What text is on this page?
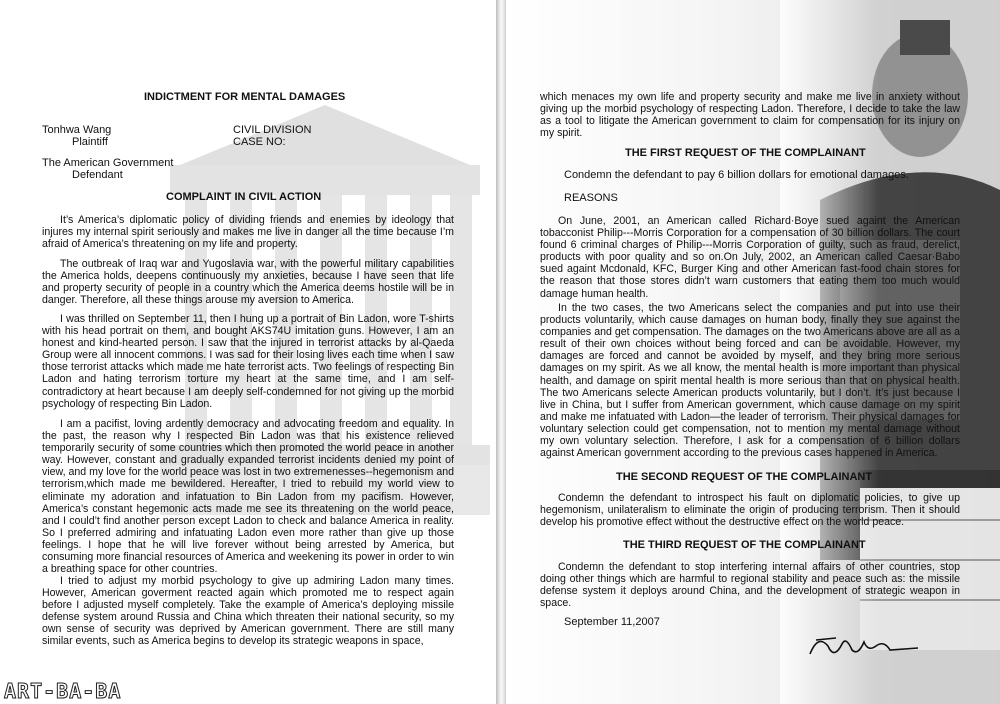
INDICTMENT FOR MENTAL DAMAGES
Tonhwa Wang	CIVIL DIVISION
Plaintiff	CASE NO:
The American Government
Defendant
COMPLAINT IN CIVIL ACTION
It’s America’s diplomatic policy of dividing friends and enemies by ideology that injures my internal spirit seriously and makes me live in danger all the time because I’m afraid of America’s threatening on my life and property.
The outbreak of Iraq war and Yugoslavia war, with the powerful military capabilities the America holds, deepens continuously my anxieties, because I have seen that life and property security of people in a country which the America deems hostile will be in danger. Therefore, all these things arouse my aversion to America.
I was thrilled on September 11, then I hung up a portrait of Bin Ladon, wore T-shirts with his head portrait on them, and bought AKS74U imitation guns. However, I am an honest and kind-hearted person. I saw that the injured in terrorist attacks by al-Qaeda Group were all innocent commons. I was sad for their losing lives each time when I saw those terrorist attacks which made me hate terrorist acts. Two feelings of respecting Bin Ladon and hating terrorism torture my heart at the same time, and I am self-contradictory at heart because I am deeply self-condemned for not giving up the morbid psychology of respecting Bin Ladon.
I am a pacifist, loving ardently democracy and advocating freedom and equality. In the past, the reason why I respected Bin Ladon was that his existence relieved temporarily security of some countries which then promoted the world peace in another way. However, constant and gradually expanded terrorist incidents denied my point of view, and my love for the world peace was lost in two extremenesses--hegemonism and terrorism,which made me bewildered. Hereafter, I tried to rebuild my world view to eliminate my adoration and infatuation to Bin Ladon from my pacifism. However, America’s constant hegemonic acts made me see its threatening on the world peace, and I could’t find another person except Ladon to check and balance America in reality. So I preferred admiring and infatuating Ladon even more rather than give up those feelings. I hope that he will live forever without being arrested by America, but consuming more financial resources of America and weekening its power in order to win a breathing space for other countries.
I tried to adjust my morbid psychology to give up admiring Ladon many times. However, American goverment reacted again which promoted me to respect again before I adjusted myself completely. Take the example of America’s deploying missile defense system around Russia and China which threaten their national security, so my own sense of security was deprived by American government. There are still many similar events, such as America begins to develop its strategic weapons in space,
which menaces my own life and property security and make me live in anxiety without giving up the morbid psychology of respecting Ladon. Therefore, I decide to take the law as a tool to litigate the American government to claim for compensation for its injury on my spirit.
THE FIRST REQUEST OF THE COMPLAINANT
Condemn the defendant to pay 6 billion dollars for emotional damages.
REASONS
On June, 2001, an American called Richard·Boye sued againt the American tobacconist Philip---Morris Corporation for a compensation of 30 billion dollars. The court found 6 criminal charges of Philip---Morris Corporation of guilty, such as fraud, derelict, products with poor quality and so on.On July, 2002, an American called Caesar·Babo sued againt Mcdonald, KFC, Burger King and other American fast-food chain stores for the reason that those stores didn’t warn customers that eating them too much would damage human health.
In the two cases, the two Americans select the companies and put into use their products voluntarily, which cause damages on human body, finally they sue against the companies and get compensation. The damages on the two Americans above are all as a result of their own choices without being forced and can be avoidable. However, my damages are forced and cannot be avoided by myself, and they bring more serious damages on my spirit. As we all know, the mental health is more important than physical health, and damage on spirit mental health is more serious than that on physical health. The two Americans selecte American products voluntarily, but I don’t. It’s just because I live in China, but I suffer from American government, which cause damage on my spirit and make me infatuated with Ladon—the leader of terrorism. Their physical damages for voluntary selection could get compensation, not to mention my mental damage without my own voluntary selection. Therefore, I ask for a compensation of 6 billion dollars against American government according to the previous cases happened in America.
THE SECOND REQUEST OF THE COMPLAINANT
Condemn the defendant to introspect his fault on diplomatic policies, to give up hegemonism, unilateralism to eliminate the origin of producing terrorism. Then it should develop his promotive effect without the destructive effect on the world peace.
THE THIRD REQUEST OF THE COMPLAINANT
Condemn the defendant to stop interfering internal affairs of other countries, stop doing other things which are harmful to regional stability and peace such as: the missile defense system it deploys around China, and the development of strategic weapon in space.
September 11,2007
ART-BA-BA
